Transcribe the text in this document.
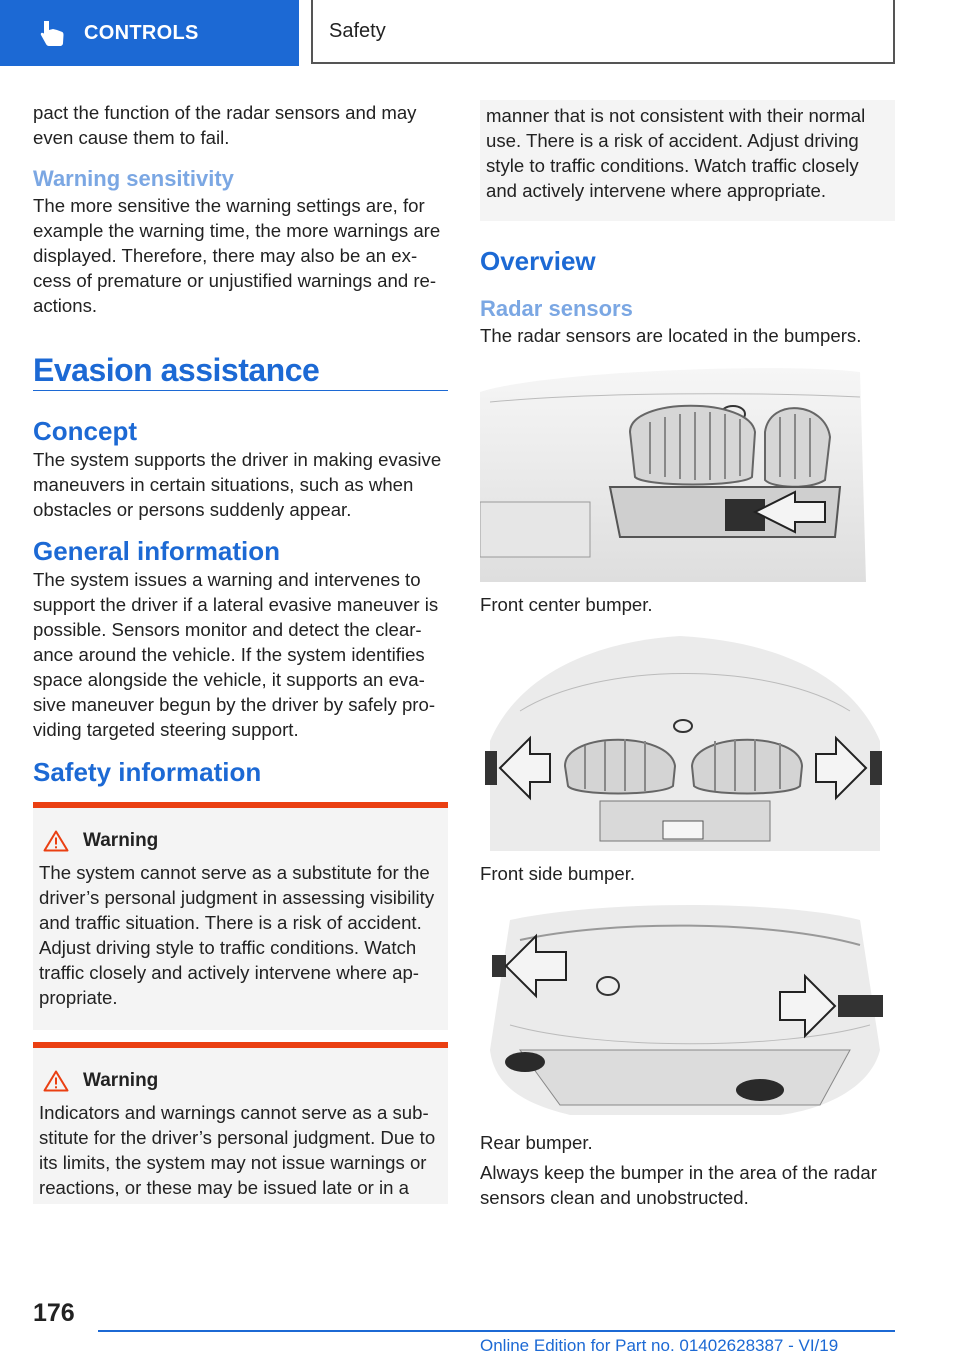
CONTROLS	Safety

pact the function of the radar sensors and may even cause them to fail.

Warning sensitivity

The more sensitive the warning settings are, for example the warning time, the more warnings are displayed. Therefore, there may also be an excess of premature or unjustified warnings and reactions.

Evasion assistance
Concept

The system supports the driver in making evasive maneuvers in certain situations, such as when obstacles or persons suddenly appear.

General information

The system issues a warning and intervenes to support the driver if a lateral evasive maneuver is possible. Sensors monitor and detect the clearance around the vehicle. If the system identifies space alongside the vehicle, it supports an evasive maneuver begun by the driver by safely providing targeted steering support.

Safety information
Warning

The system cannot serve as a substitute for the driver’s personal judgment in assessing visibility and traffic situation. There is a risk of accident. Adjust driving style to traffic conditions. Watch traffic closely and actively intervene where appropriate.

Warning

Indicators and warnings cannot serve as a substitute for the driver’s personal judgment. Due to its limits, the system may not issue warnings or reactions, or these may be issued late or in a

manner that is not consistent with their normal use. There is a risk of accident. Adjust driving style to traffic conditions. Watch traffic closely and actively intervene where appropriate.

Overview
Radar sensors

The radar sensors are located in the bumpers.

Front center bumper.
Front side bumper.
Rear bumper.

Always keep the bumper in the area of the radar sensors clean and unobstructed.

176
Online Edition for Part no. 01402628387 - VI/19
